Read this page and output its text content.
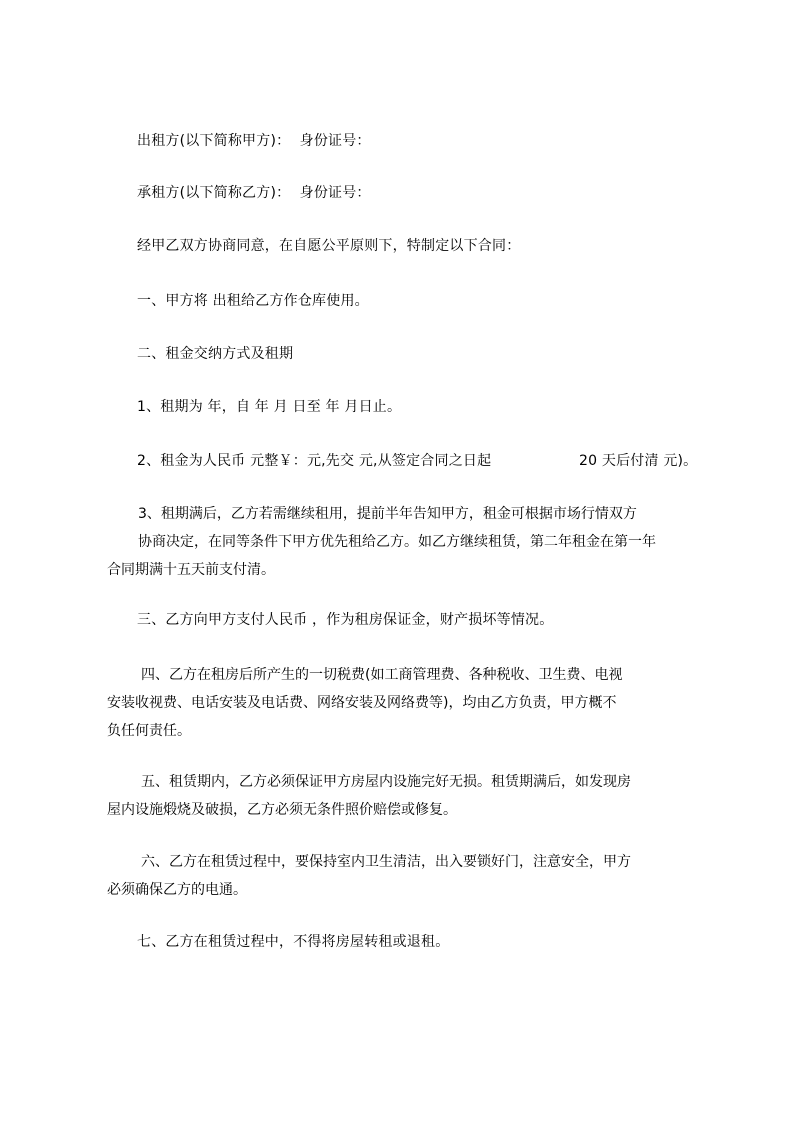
出租方(以下简称甲方)：  身份证号：
承租方(以下简称乙方)：  身份证号：
经甲乙双方协商同意，在自愿公平原则下，特制定以下合同：
一、甲方将 出租给乙方作仓库使用。
二、租金交纳方式及租期
1、租期为 年，自 年 月 日至 年 月日止。
2、租金为人民币 元整￥：元,先交 元,从签定合同之日起	20 天后付清 元)。
3、租期满后，乙方若需继续租用，提前半年告知甲方，租金可根据市场行情双方
协商决定，在同等条件下甲方优先租给乙方。如乙方继续租赁，第二年租金在第一年
合同期满十五天前支付清。
三、乙方向甲方支付人民币 ，作为租房保证金，财产损坏等情况。
四、乙方在租房后所产生的一切税费(如工商管理费、各种税收、卫生费、电视
安装收视费、电话安装及电话费、网络安装及网络费等)，均由乙方负责，甲方概不
负任何责任。
五、租赁期内，乙方必须保证甲方房屋内设施完好无损。租赁期满后，如发现房
屋内设施煅烧及破损，乙方必须无条件照价赔偿或修复。
六、乙方在租赁过程中，要保持室内卫生清洁，出入要锁好门，注意安全，甲方
必须确保乙方的电通。
七、乙方在租赁过程中，不得将房屋转租或退租。
